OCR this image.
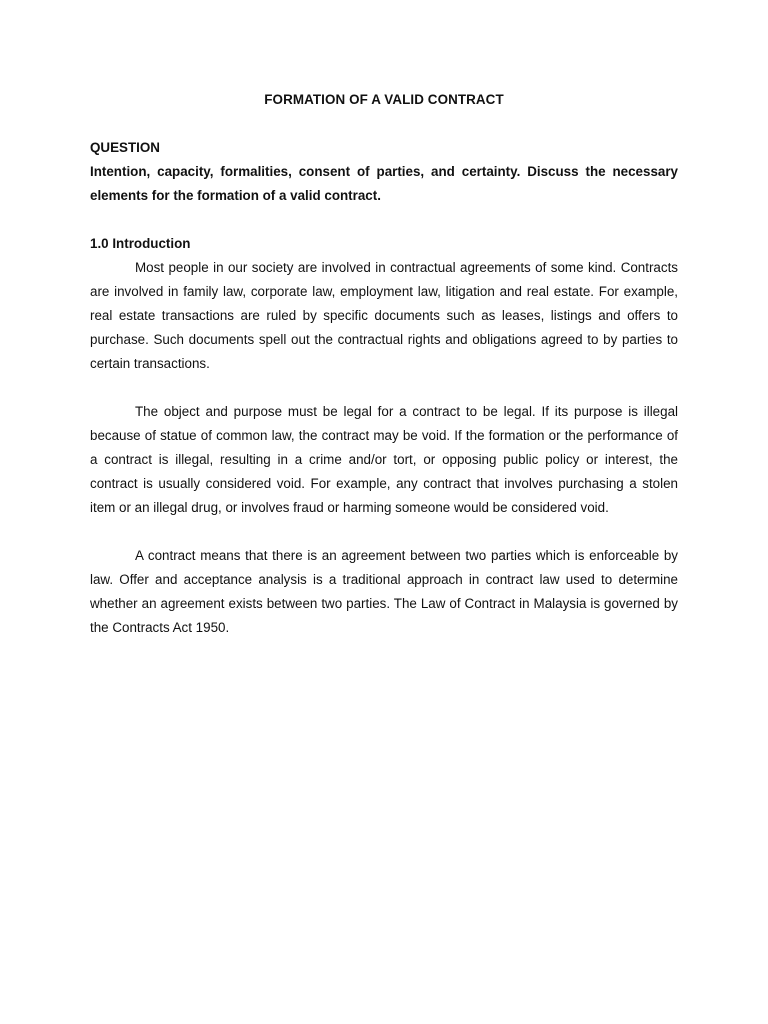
FORMATION OF A VALID CONTRACT

QUESTION

Intention, capacity, formalities, consent of parties, and certainty. Discuss the necessary elements for the formation of a valid contract.

1.0 Introduction

Most people in our society are involved in contractual agreements of some kind. Contracts are involved in family law, corporate law, employment law, litigation and real estate. For example, real estate transactions are ruled by specific documents such as leases, listings and offers to purchase. Such documents spell out the contractual rights and obligations agreed to by parties to certain transactions.

The object and purpose must be legal for a contract to be legal. If its purpose is illegal because of statue of common law, the contract may be void. If the formation or the performance of a contract is illegal, resulting in a crime and/or tort, or opposing public policy or interest, the contract is usually considered void. For example, any contract that involves purchasing a stolen item or an illegal drug, or involves fraud or harming someone would be considered void.

A contract means that there is an agreement between two parties which is enforceable by law. Offer and acceptance analysis is a traditional approach in contract law used to determine whether an agreement exists between two parties. The Law of Contract in Malaysia is governed by the Contracts Act 1950.
